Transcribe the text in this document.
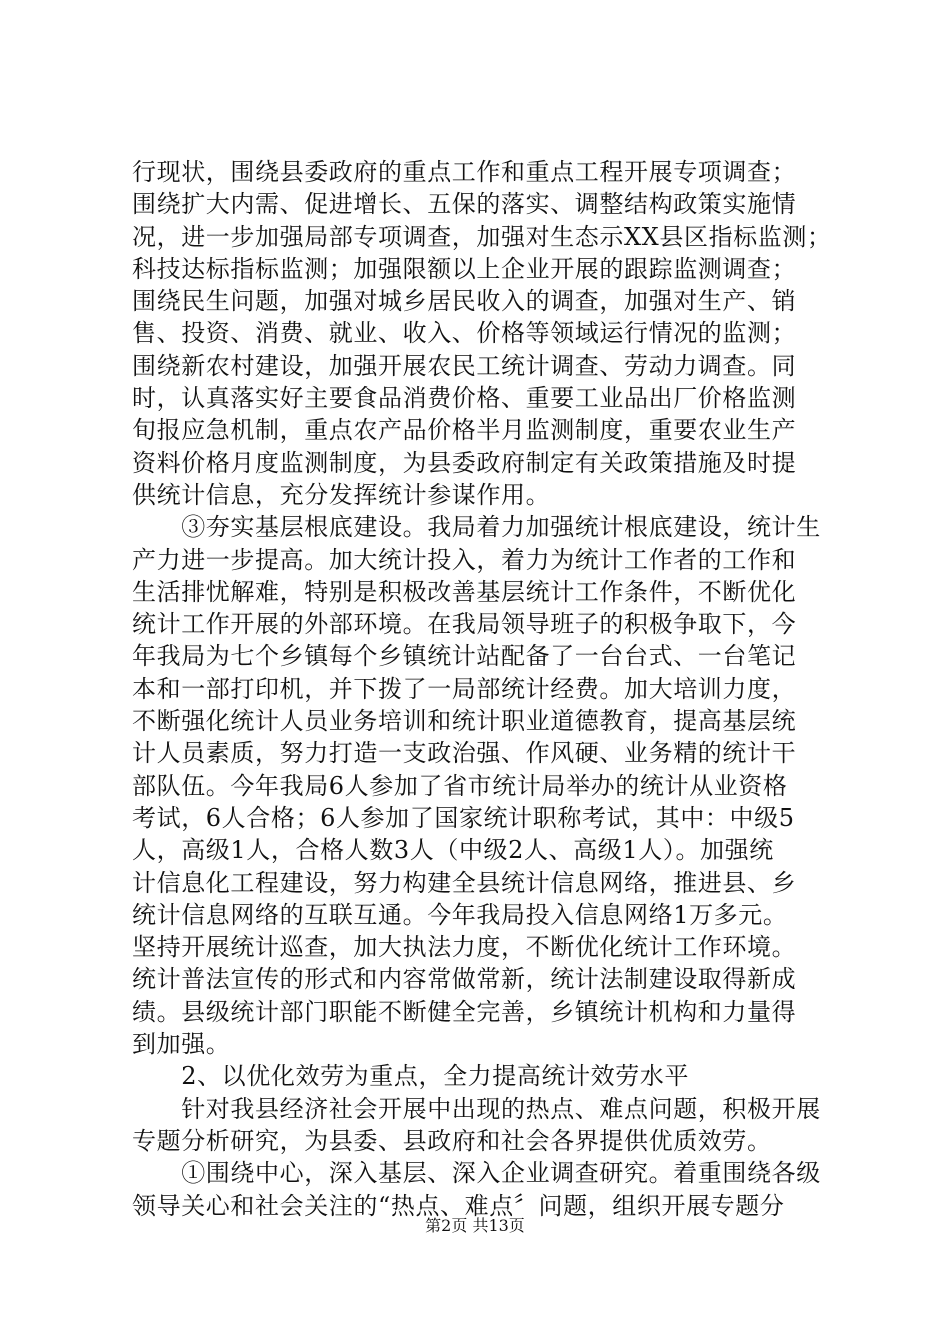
行现状，围绕县委政府的重点工作和重点工程开展专项调查；
围绕扩大内需、促进增长、五保的落实、调整结构政策实施情
况，进一步加强局部专项调查，加强对生态示XX县区指标监测；
科技达标指标监测；加强限额以上企业开展的跟踪监测调查；
围绕民生问题，加强对城乡居民收入的调查，加强对生产、销
售、投资、消费、就业、收入、价格等领域运行情况的监测；
围绕新农村建设，加强开展农民工统计调查、劳动力调查。同
时，认真落实好主要食品消费价格、重要工业品出厂价格监测
旬报应急机制，重点农产品价格半月监测制度，重要农业生产
资料价格月度监测制度，为县委政府制定有关政策措施及时提
供统计信息，充分发挥统计参谋作用。
　　③夯实基层根底建设。我局着力加强统计根底建设，统计生
产力进一步提高。加大统计投入，着力为统计工作者的工作和
生活排忧解难，特别是积极改善基层统计工作条件，不断优化
统计工作开展的外部环境。在我局领导班子的积极争取下，今
年我局为七个乡镇每个乡镇统计站配备了一台台式、一台笔记
本和一部打印机，并下拨了一局部统计经费。加大培训力度，
不断强化统计人员业务培训和统计职业道德教育，提高基层统
计人员素质，努力打造一支政治强、作风硬、业务精的统计干
部队伍。今年我局6人参加了省市统计局举办的统计从业资格
考试，6人合格；6人参加了国家统计职称考试，其中：中级5
人，高级1人，合格人数3人（中级2人、高级1人）。加强统
计信息化工程建设，努力构建全县统计信息网络，推进县、乡
统计信息网络的互联互通。今年我局投入信息网络1万多元。
坚持开展统计巡查，加大执法力度，不断优化统计工作环境。
统计普法宣传的形式和内容常做常新，统计法制建设取得新成
绩。县级统计部门职能不断健全完善，乡镇统计机构和力量得
到加强。
　　2、以优化效劳为重点，全力提高统计效劳水平
　　针对我县经济社会开展中出现的热点、难点问题，积极开展
专题分析研究，为县委、县政府和社会各界提供优质效劳。
　　①围绕中心，深入基层、深入企业调查研究。着重围绕各级
领导关心和社会关注的“热点、难点〞问题，组织开展专题分
第2页 共13页
